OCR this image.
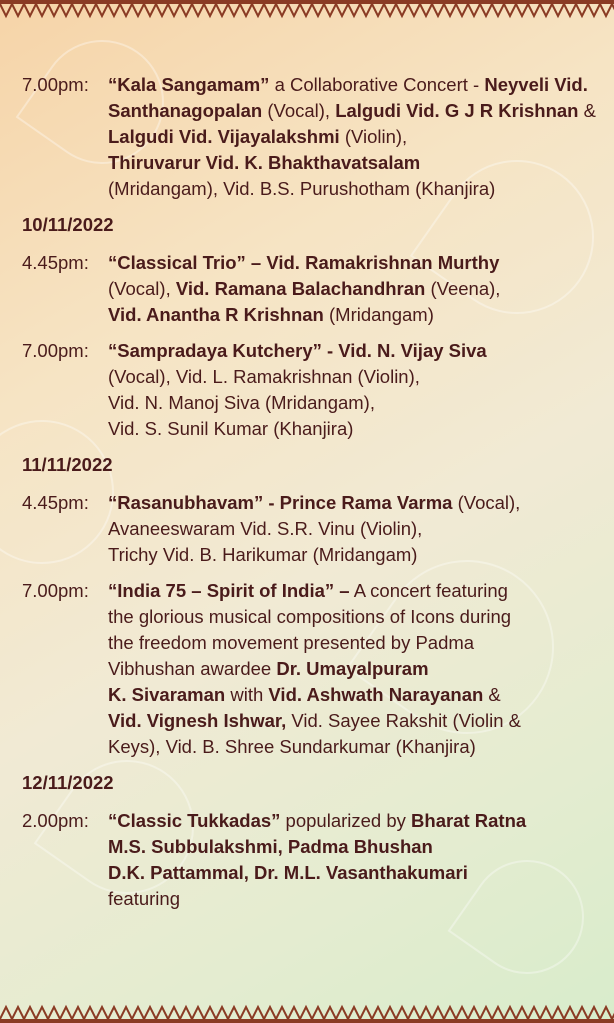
7.00pm:	“Kala Sangamam” a Collaborative Concert - Neyveli Vid. Santhanagopalan (Vocal), Lalgudi Vid. G J R Krishnan &
Lalgudi Vid. Vijayalakshmi (Violin),
Thiruvarur Vid. K. Bhakthavatsalam
(Mridangam), Vid. B.S. Purushotham (Khanjira)
10/11/2022
4.45pm:	“Classical Trio” – Vid. Ramakrishnan Murthy
(Vocal), Vid. Ramana Balachandhran (Veena),
Vid. Anantha R Krishnan (Mridangam)
7.00pm:	“Sampradaya Kutchery” - Vid. N. Vijay Siva
(Vocal), Vid. L. Ramakrishnan (Violin),
Vid. N. Manoj Siva (Mridangam),
Vid. S. Sunil Kumar (Khanjira)
11/11/2022
4.45pm:	“Rasanubhavam” - Prince Rama Varma (Vocal),
Avaneeswaram Vid. S.R. Vinu (Violin),
Trichy Vid. B. Harikumar (Mridangam)
7.00pm:	“India 75 – Spirit of India” – A concert featuring
the glorious musical compositions of Icons during
the freedom movement presented by Padma
Vibhushan awardee Dr. Umayalpuram
K. Sivaraman with Vid. Ashwath Narayanan &
Vid. Vignesh Ishwar, Vid. Sayee Rakshit (Violin &
Keys), Vid. B. Shree Sundarkumar (Khanjira)
12/11/2022
2.00pm:	“Classic Tukkadas” popularized by Bharat Ratna
M.S. Subbulakshmi, Padma Bhushan
D.K. Pattammal, Dr. M.L. Vasanthakumari
featuring
